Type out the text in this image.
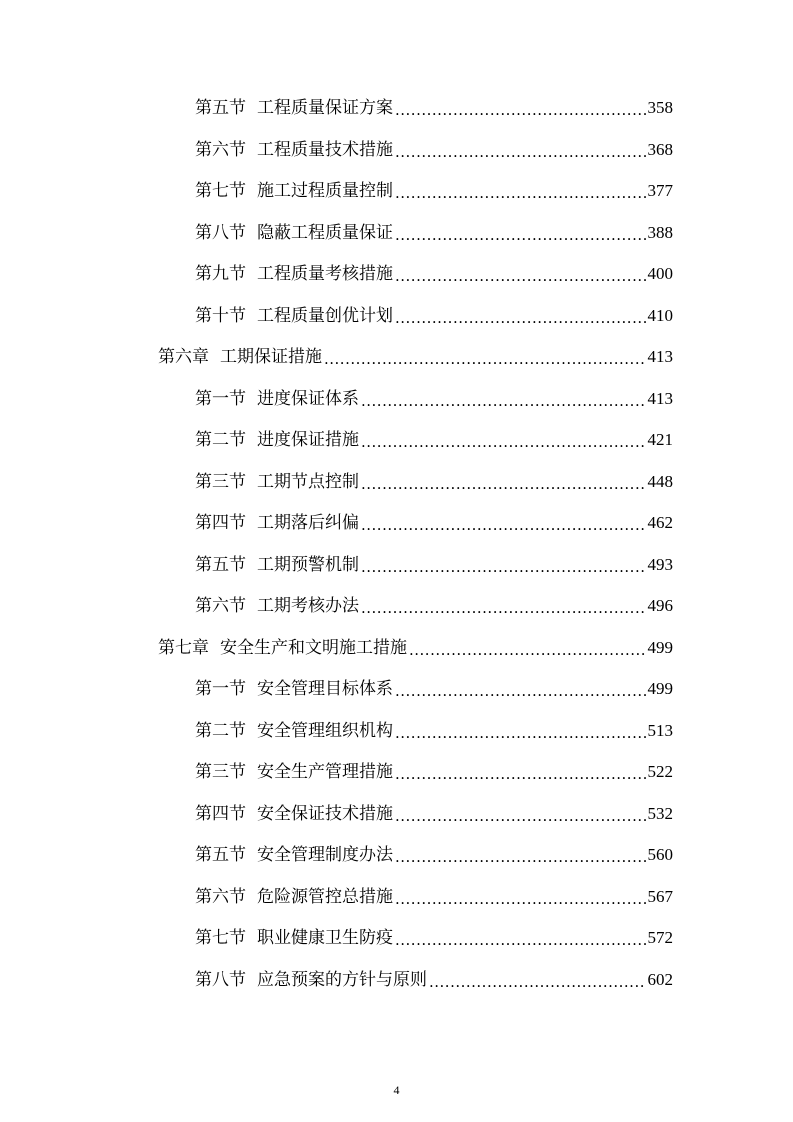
第五节 工程质量保证方案 .....	358
第六节 工程质量技术措施 .....	368
第七节 施工过程质量控制 .....	377
第八节 隐蔽工程质量保证 .....	388
第九节 工程质量考核措施 .....	400
第十节 工程质量创优计划 .....	410
第六章 工期保证措施 .....	413
第一节 进度保证体系 .....	413
第二节 进度保证措施 .....	421
第三节 工期节点控制 .....	448
第四节 工期落后纠偏 .....	462
第五节 工期预警机制 .....	493
第六节 工期考核办法 .....	496
第七章 安全生产和文明施工措施 .....	499
第一节 安全管理目标体系 .....	499
第二节 安全管理组织机构 .....	513
第三节 安全生产管理措施 .....	522
第四节 安全保证技术措施 .....	532
第五节 安全管理制度办法 .....	560
第六节 危险源管控总措施 .....	567
第七节 职业健康卫生防疫 .....	572
第八节 应急预案的方针与原则 .....	602
4
